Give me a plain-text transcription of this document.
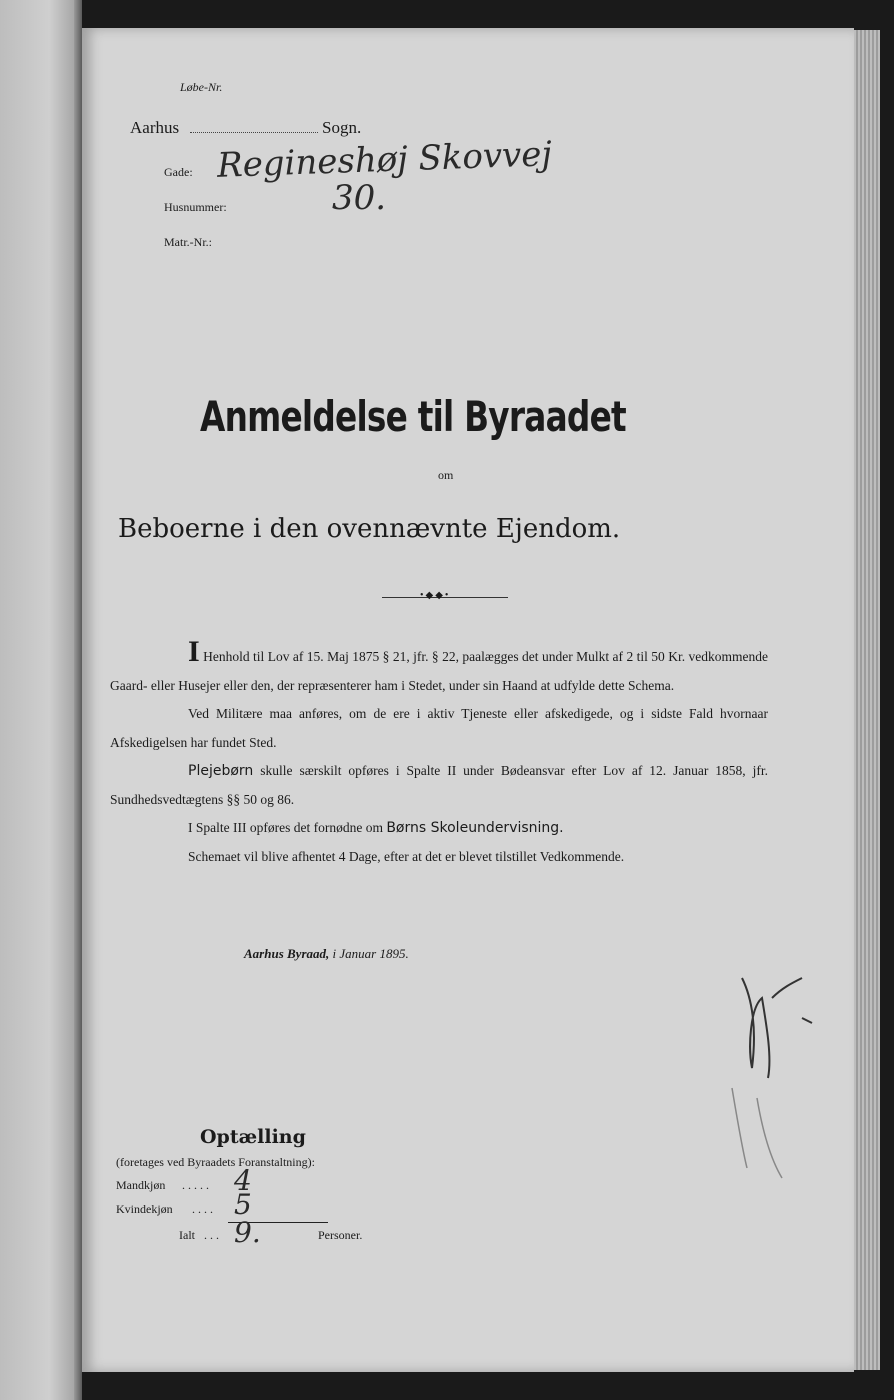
Løbe-Nr.
Aarhus	Sogn.
Gade: Regineshøj Skovvej
Husnummer:	30.
Matr.-Nr.:
Anmeldelse til Byraadet
om
Beboerne i den ovennævnte Ejendom.
•◆◆•

I Henhold til Lov af 15. Maj 1875 § 21, jfr. § 22, paalægges det under Mulkt af 2 til 50 Kr. vedkommende Gaard- eller Husejer eller den, der repræsenterer ham i Stedet, under sin Haand at udfylde dette Schema.

Ved Militære maa anføres, om de ere i aktiv Tjeneste eller afskedigede, og i sidste Fald hvornaar Afskedigelsen har fundet Sted.

Plejebørn skulle særskilt opføres i Spalte II under Bødeansvar efter Lov af 12. Januar 1858, jfr. Sundhedsvedtægtens §§ 50 og 86.

I Spalte III opføres det fornødne om Børns Skoleundervisning.

Schemaet vil blive afhentet 4 Dage, efter at det er blevet tilstillet Vedkommende.

Aarhus Byraad, i Januar 1895.
Optælling
(foretages ved Byraadets Foranstaltning):
Mandkjøn . . . . . 4
Kvindekjøn . . . . 5
Ialt . . . 9.	Personer.
